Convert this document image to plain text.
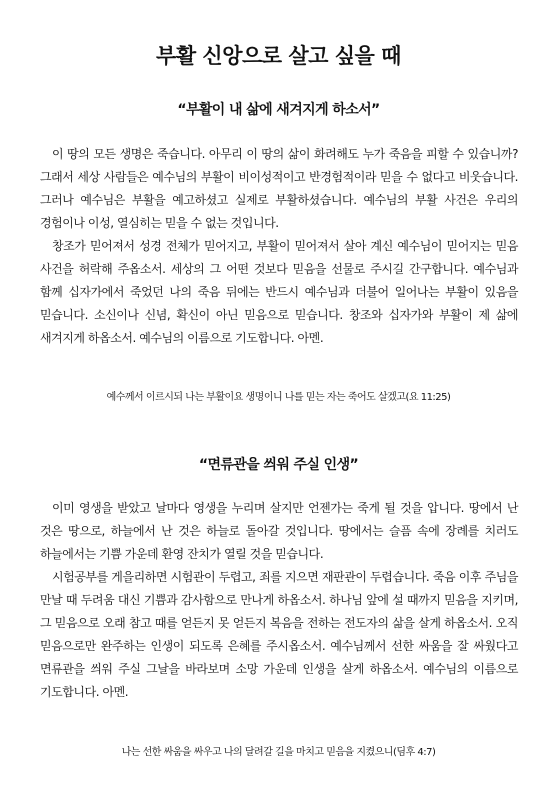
부활 신앙으로 살고 싶을 때
“부활이 내 삶에 새겨지게 하소서”
이 땅의 모든 생명은 죽습니다. 아무리 이 땅의 삶이 화려해도 누가 죽음을 피할 수 있습니까? 그래서 세상 사람들은 예수님의 부활이 비이성적이고 반경험적이라 믿을 수 없다고 비웃습니다. 그러나 예수님은 부활을 예고하셨고 실제로 부활하셨습니다. 예수님의 부활 사건은 우리의 경험이나 이성, 열심히는 믿을 수 없는 것입니다.
창조가 믿어져서 성경 전체가 믿어지고, 부활이 믿어져서 살아 계신 예수님이 믿어지는 믿음 사건을 허락해 주옵소서. 세상의 그 어떤 것보다 믿음을 선물로 주시길 간구합니다. 예수님과 함께 십자가에서 죽었던 나의 죽음 뒤에는 반드시 예수님과 더불어 일어나는 부활이 있음을 믿습니다. 소신이나 신념, 확신이 아닌 믿음으로 믿습니다. 창조와 십자가와 부활이 제 삶에 새겨지게 하옵소서. 예수님의 이름으로 기도합니다. 아멘.
예수께서 이르시되 나는 부활이요 생명이니 나를 믿는 자는 죽어도 살겠고(요 11:25)
“면류관을 씌워 주실 인생”
이미 영생을 받았고 날마다 영생을 누리며 살지만 언젠가는 죽게 될 것을 압니다. 땅에서 난 것은 땅으로, 하늘에서 난 것은 하늘로 돌아갈 것입니다. 땅에서는 슬픔 속에 장례를 치러도 하늘에서는 기쁨 가운데 환영 잔치가 열릴 것을 믿습니다.
시험공부를 게을리하면 시험관이 두렵고, 죄를 지으면 재판관이 두렵습니다. 죽음 이후 주님을 만날 때 두려움 대신 기쁨과 감사함으로 만나게 하옵소서. 하나님 앞에 설 때까지 믿음을 지키며, 그 믿음으로 오래 참고 때를 얻든지 못 얻든지 복음을 전하는 전도자의 삶을 살게 하옵소서. 오직 믿음으로만 완주하는 인생이 되도록 은혜를 주시옵소서. 예수님께서 선한 싸움을 잘 싸웠다고 면류관을 씌워 주실 그날을 바라보며 소망 가운데 인생을 살게 하옵소서. 예수님의 이름으로 기도합니다. 아멘.
나는 선한 싸움을 싸우고 나의 달려갈 길을 마치고 믿음을 지켰으니(딤후 4:7)
